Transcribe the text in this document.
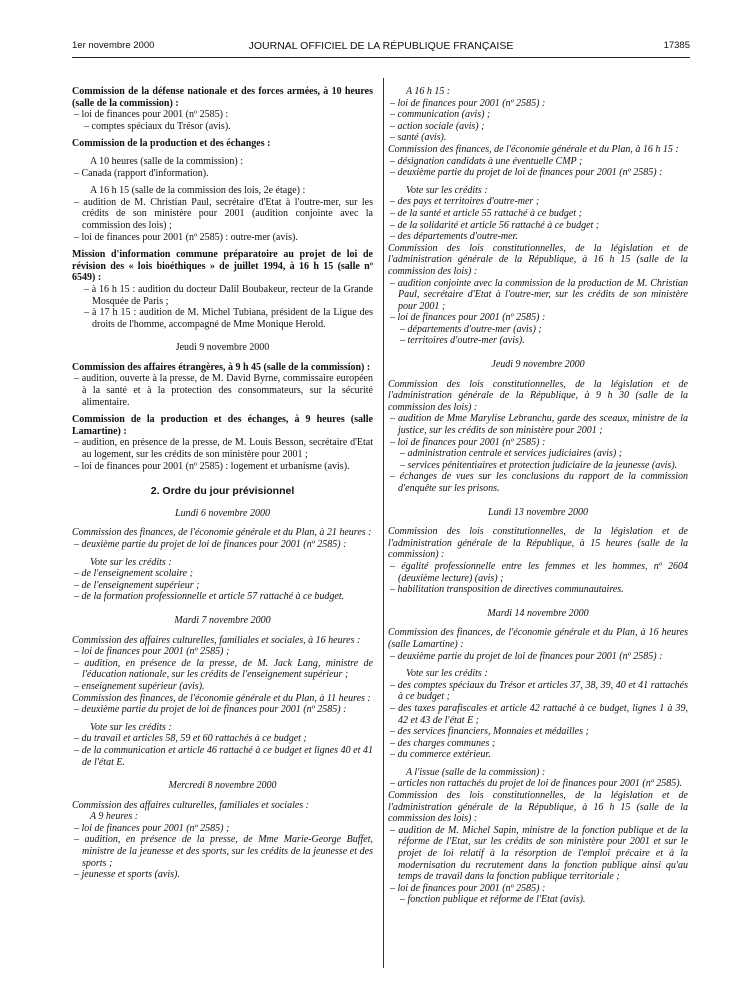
1er novembre 2000	JOURNAL OFFICIEL DE LA RÉPUBLIQUE FRANÇAISE	17385

Commission de la défense nationale et des forces armées, à 10 heures (salle de la commission) :

– loi de finances pour 2001 (nº 2585) :

– comptes spéciaux du Trésor (avis).

Commission de la production et des échanges :

A 10 heures (salle de la commission) :

– Canada (rapport d'information).

A 16 h 15 (salle de la commission des lois, 2e étage) :

– audition de M. Christian Paul, secrétaire d'Etat à l'outre-mer, sur les crédits de son ministère pour 2001 (audition conjointe avec la commission des lois) ;

– loi de finances pour 2001 (nº 2585) : outre-mer (avis).

Mission d'information commune préparatoire au projet de loi de révision des « lois bioéthiques » de juillet 1994, à 16 h 15 (salle nº 6549) :

– à 16 h 15 : audition du docteur Dalil Boubakeur, recteur de la Grande Mosquée de Paris ;

– à 17 h 15 : audition de M. Michel Tubiana, président de la Ligue des droits de l'homme, accompagné de Mme Monique Herold.

Jeudi 9 novembre 2000

Commission des affaires étrangères, à 9 h 45 (salle de la commission) :

– audition, ouverte à la presse, de M. David Byrne, commissaire européen à la santé et à la protection des consommateurs, sur la sécurité alimentaire.

Commission de la production et des échanges, à 9 heures (salle Lamartine) :

– audition, en présence de la presse, de M. Louis Besson, secrétaire d'Etat au logement, sur les crédits de son ministère pour 2001 ;

– loi de finances pour 2001 (nº 2585) : logement et urbanisme (avis).

2. Ordre du jour prévisionnel

Lundi 6 novembre 2000

Commission des finances, de l'économie générale et du Plan, à 21 heures :

– deuxième partie du projet de loi de finances pour 2001 (nº 2585) :

Vote sur les crédits :

– de l'enseignement scolaire ;

– de l'enseignement supérieur ;

– de la formation professionnelle et article 57 rattaché à ce budget.

Mardi 7 novembre 2000

Commission des affaires culturelles, familiales et sociales, à 16 heures :

– loi de finances pour 2001 (nº 2585) ;

– audition, en présence de la presse, de M. Jack Lang, ministre de l'éducation nationale, sur les crédits de l'enseignement supérieur ;

– enseignement supérieur (avis).

Commission des finances, de l'économie générale et du Plan, à 11 heures :

– deuxième partie du projet de loi de finances pour 2001 (nº 2585) :

Vote sur les crédits :

– du travail et articles 58, 59 et 60 rattachés à ce budget ;

– de la communication et article 46 rattaché à ce budget et lignes 40 et 41 de l'état E.

Mercredi 8 novembre 2000

Commission des affaires culturelles, familiales et sociales :

A 9 heures :

– loi de finances pour 2001 (nº 2585) ;

– audition, en présence de la presse, de Mme Marie-George Buffet, ministre de la jeunesse et des sports, sur les crédits de la jeunesse et des sports ;

– jeunesse et sports (avis).

A 16 h 15 :

– loi de finances pour 2001 (nº 2585) :

– communication (avis) ;

– action sociale (avis) ;

– santé (avis).

Commission des finances, de l'économie générale et du Plan, à 16 h 15 :

– désignation candidats à une éventuelle CMP ;

– deuxième partie du projet de loi de finances pour 2001 (nº 2585) :

Vote sur les crédits :

– des pays et territoires d'outre-mer ;

– de la santé et article 55 rattaché à ce budget ;

– de la solidarité et article 56 rattaché à ce budget ;

– des départements d'outre-mer.

Commission des lois constitutionnelles, de la législation et de l'administration générale de la République, à 16 h 15 (salle de la commission des lois) :

– audition conjointe avec la commission de la production de M. Christian Paul, secrétaire d'Etat à l'outre-mer, sur les crédits de son ministère pour 2001 ;

– loi de finances pour 2001 (nº 2585) :

– départements d'outre-mer (avis) ;

– territoires d'outre-mer (avis).

Jeudi 9 novembre 2000

Commission des lois constitutionnelles, de la législation et de l'administration générale de la République, à 9 h 30 (salle de la commission des lois) :

– audition de Mme Marylise Lebranchu, garde des sceaux, ministre de la justice, sur les crédits de son ministère pour 2001 ;

– loi de finances pour 2001 (nº 2585) :

– administration centrale et services judiciaires (avis) ;

– services pénitentiaires et protection judiciaire de la jeunesse (avis).

– échanges de vues sur les conclusions du rapport de la commission d'enquête sur les prisons.

Lundi 13 novembre 2000

Commission des lois constitutionnelles, de la législation et de l'administration générale de la République, à 15 heures (salle de la commission) :

– égalité professionnelle entre les femmes et les hommes, nº 2604 (deuxième lecture) (avis) ;

– habilitation transposition de directives communautaires.

Mardi 14 novembre 2000

Commission des finances, de l'économie générale et du Plan, à 16 heures (salle Lamartine) :

– deuxième partie du projet de loi de finances pour 2001 (nº 2585) :

Vote sur les crédits :

– des comptes spéciaux du Trésor et articles 37, 38, 39, 40 et 41 rattachés à ce budget ;

– des taxes parafiscales et article 42 rattaché à ce budget, lignes 1 à 39, 42 et 43 de l'état E ;

– des services financiers, Monnaies et médailles ;

– des charges communes ;

– du commerce extérieur.

A l'issue (salle de la commission) :

– articles non rattachés du projet de loi de finances pour 2001 (nº 2585).

Commission des lois constitutionnelles, de la législation et de l'administration générale de la République, à 16 h 15 (salle de la commission des lois) :

– audition de M. Michel Sapin, ministre de la fonction publique et de la réforme de l'Etat, sur les crédits de son ministère pour 2001 et sur le projet de loi relatif à la résorption de l'emploi précaire et à la modernisation du recrutement dans la fonction publique ainsi qu'au temps de travail dans la fonction publique territoriale ;

– loi de finances pour 2001 (nº 2585) :

– fonction publique et réforme de l'Etat (avis).
